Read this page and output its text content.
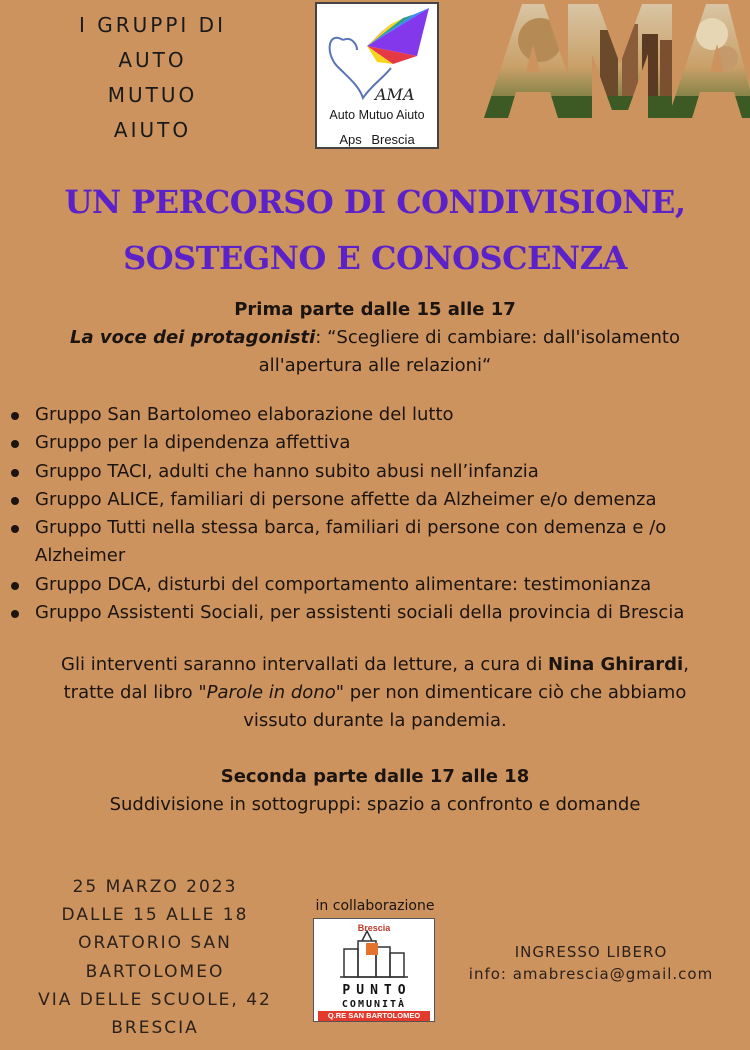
I GRUPPI DI
AUTO
MUTUO
AIUTO
AMA
Auto Mutuo Aiuto
Aps Brescia
UN PERCORSO DI CONDIVISIONE,
SOSTEGNO E CONOSCENZA
Prima parte dalle 15 alle 17
La voce dei protagonisti: “Scegliere di cambiare: dall'isolamento
all'apertura alle relazioni“
Gruppo San Bartolomeo elaborazione del lutto
Gruppo per la dipendenza affettiva
Gruppo TACI, adulti che hanno subito abusi nell’infanzia
Gruppo ALICE, familiari di persone affette da Alzheimer e/o demenza
Gruppo Tutti nella stessa barca, familiari di persone con demenza e /o
Alzheimer
Gruppo DCA, disturbi del comportamento alimentare: testimonianza
Gruppo Assistenti Sociali, per assistenti sociali della provincia di Brescia
Gli interventi saranno intervallati da letture, a cura di Nina Ghirardi,
tratte dal libro "Parole in dono" per non dimenticare ciò che abbiamo
vissuto durante la pandemia.
Seconda parte dalle 17 alle 18
Suddivisione in sottogruppi: spazio a confronto e domande
25 MARZO 2023
DALLE 15 ALLE 18
ORATORIO SAN
BARTOLOMEO
VIA DELLE SCUOLE, 42
BRESCIA
in collaborazione
Brescia
PUNTO
COMUNITÀ
Q.RE SAN BARTOLOMEO
INGRESSO LIBERO
info: amabrescia@gmail.com
